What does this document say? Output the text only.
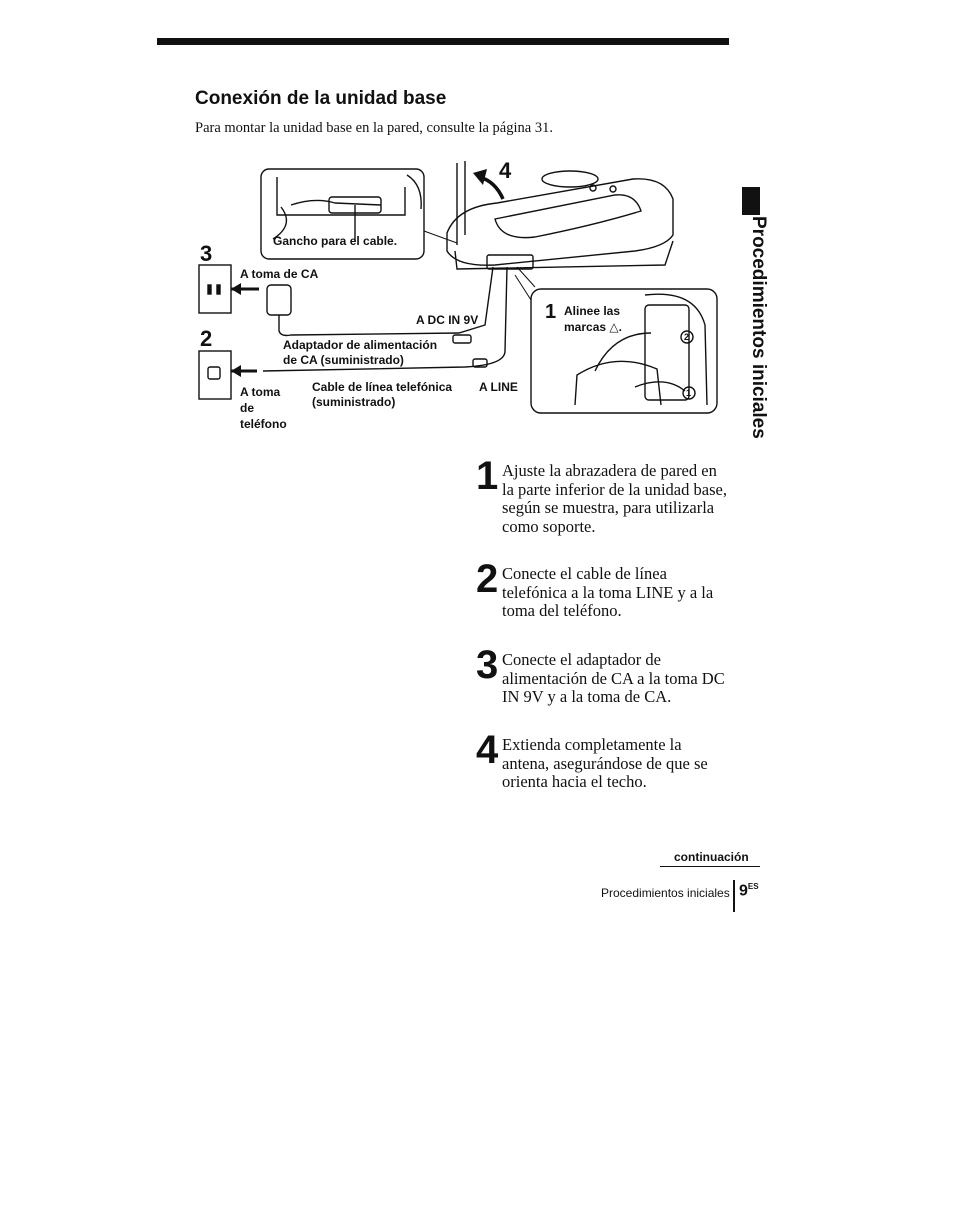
Conexión de la unidad base
Para montar la unidad base en la pared, consulte la página 31.
Gancho para el cable.
3
2
4
A toma de CA
A DC IN 9V
Adaptador de alimentación
de CA (suministrado)
Cable de línea telefónica
(suministrado)
A LINE
A toma
de
teléfono
1 Alinee las
marcas △.
2
1
1 Ajuste la abrazadera de pared en la parte inferior de la unidad base, según se muestra, para utilizarla como soporte.
2 Conecte el cable de línea telefónica a la toma LINE y a la toma del teléfono.
3 Conecte el adaptador de alimentación de CA a la toma DC IN 9V y a la toma de CA.
4 Extienda completamente la antena, asegurándose de que se orienta hacia el techo.
Procedimientos iniciales
continuación
Procedimientos iniciales $9^{ES}$
